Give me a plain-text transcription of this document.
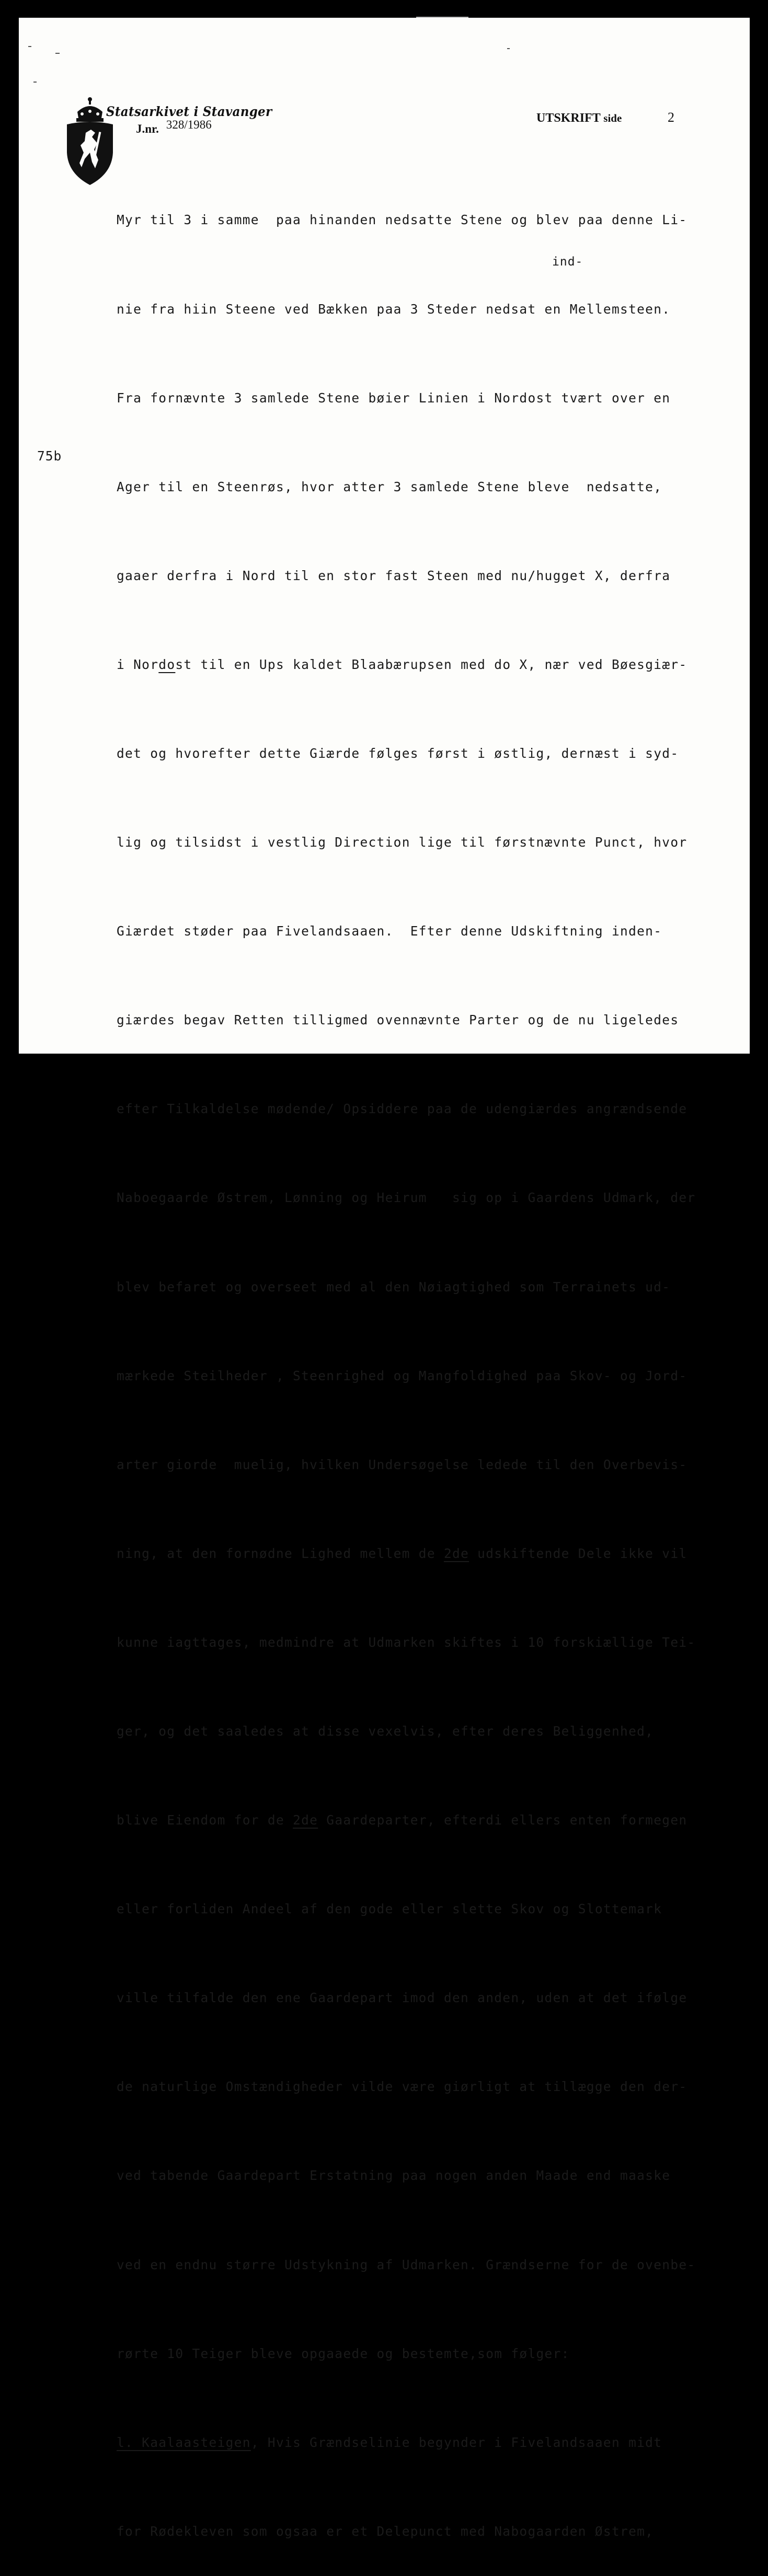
Statsarkivet i Stavanger
J.nr. 328/1986	UTSKRIFT side	2
ind-
75b

Myr til 3 i samme  paa hinanden nedsatte Stene og blev paa denne Li-

nie fra hiin Steene ved Bækken paa 3 Steder nedsat en Mellemsteen.

Fra fornævnte 3 samlede Stene bøier Linien i Nordost tvært over en

Ager til en Steenrøs, hvor atter 3 samlede Stene bleve  nedsatte,

gaaer derfra i Nord til en stor fast Steen med nu/hugget X, derfra

i Nordost til en Ups kaldet Blaabærupsen med do X, nær ved Bøesgiær-

det og hvorefter dette Giærde følges først i østlig, dernæst i syd-

lig og tilsidst i vestlig Direction lige til førstnævnte Punct, hvor

Giærdet støder paa Fivelandsaaen.  Efter denne Udskiftning inden-

giærdes begav Retten tilligmed ovennævnte Parter og de nu ligeledes

efter Tilkaldelse mødende/ Opsiddere paa de udengiærdes angrændsende

Naboegaarde Østrem, Lønning og Heirum   sig op i Gaardens Udmark, der

blev befaret og overseet med al den Nøiagtighed som Terrainets ud-

mærkede Steilheder , Steenrighed og Mangfoldighed paa Skov- og Jord-

arter giorde  muelig, hvilken Undersøgelse ledede til den Overbevis-

ning, at den fornødne Lighed mellem de 2de udskiftende Dele ikke vil

kunne iagttages, medmindre at Udmarken skiftes i 10 forskiællige Tei-

ger, og det saaledes at disse vexelvis, efter deres Beliggenhed,

blive Eiendom for de 2de Gaardeparter, efterdi ellers enten formegen

eller forliden Andeel af den gode eller slette Skov og Slottemark

ville tilfalde den ene Gaardepart imod den anden, uden at det ifølge

de naturlige Omstændigheder vilde være giørligt at tillægge den der-

ved tabende Gaardepart Erstatning paa nogen anden Maade end maaske

ved en endnu større Udstykning af Udmarken. Grændserne for de ovenbe-

rørte 10 Teiger bleve opgaaede og bestemte,som følger:

l. Kaalaasteigen, Hvis Grændselinie begynder i Fivelandsaaen midt

for Rødekleven som ogsaa er et Delepunct med Nabogaarden Østrem,
